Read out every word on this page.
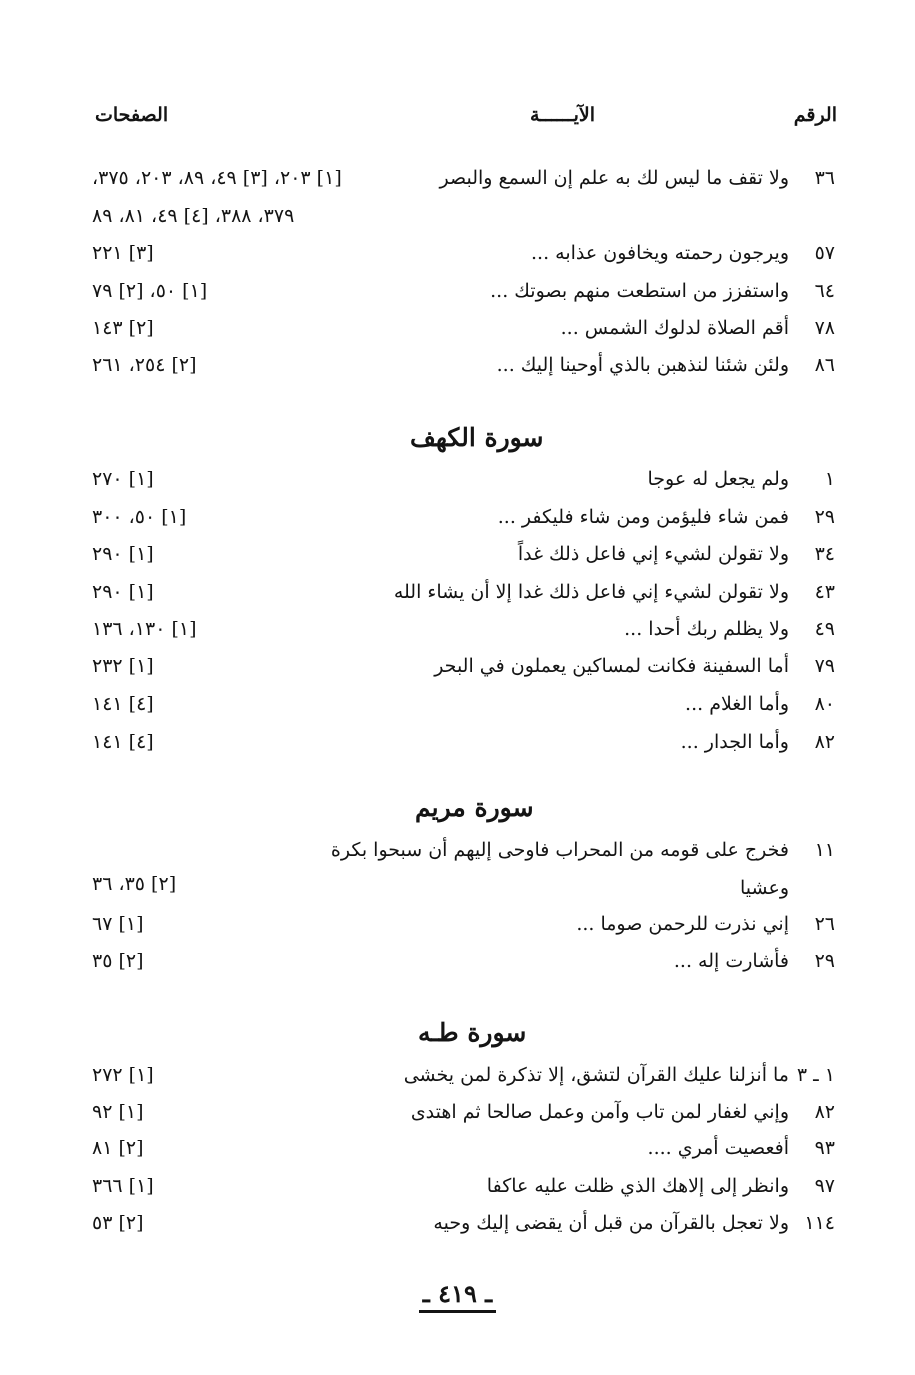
الرقم
الآيــــــة
الصفحات
٣٦
ولا تقف ما ليس لك به علم إن السمع والبصر
[١] ٢٠٣، [٣] ٤٩، ٨٩، ٢٠٣، ٣٧٥،
٣٧٩، ٣٨٨، [٤] ٤٩، ٨١، ٨٩
٥٧
ويرجون رحمته ويخافون عذابه ...
[٣] ٢٢١
٦٤
واستفزز من استطعت منهم بصوتك ...
[١] ٥٠، [٢] ٧٩
٧٨
أقم الصلاة لدلوك الشمس ...
[٢] ١٤٣
٨٦
ولئن شئنا لنذهبن بالذي أوحينا إليك ...
[٢] ٢٥٤، ٢٦١
سورة الكهف
١
ولم يجعل له عوجا
[١] ٢٧٠
٢٩
فمن شاء فليؤمن ومن شاء فليكفر ...
[١] ٥٠، ٣٠٠
٣٤
ولا تقولن لشيء إني فاعل ذلك غداً
[١] ٢٩٠
٤٣
ولا تقولن لشيء إني فاعل ذلك غدا إلا أن يشاء الله
[١] ٢٩٠
٤٩
ولا يظلم ربك أحدا ...
[١] ١٣٠، ١٣٦
٧٩
أما السفينة فكانت لمساكين يعملون في البحر
[١] ٢٣٢
٨٠
وأما الغلام ...
[٤] ١٤١
٨٢
وأما الجدار ...
[٤] ١٤١
سورة مريم
١١
فخرج على قومه من المحراب فاوحى إليهم أن سبحوا بكرة
وعشيا
[٢] ٣٥، ٣٦
٢٦
إني نذرت للرحمن صوما ...
[١] ٦٧
٢٩
فأشارت إله ...
[٢] ٣٥
سورة طـه
١ ـ ٣
ما أنزلنا عليك القرآن لتشق، إلا تذكرة لمن يخشى
[١] ٢٧٢
٨٢
وإني لغفار لمن تاب وآمن وعمل صالحا ثم اهتدى
[١] ٩٢
٩٣
أفعصيت أمري ....
[٢] ٨١
٩٧
وانظر إلى إلاهك الذي ظلت عليه عاكفا
[١] ٣٦٦
١١٤
ولا تعجل بالقرآن من قبل أن يقضى إليك وحيه
[٢] ٥٣
ـ ٤١٩ ـ
